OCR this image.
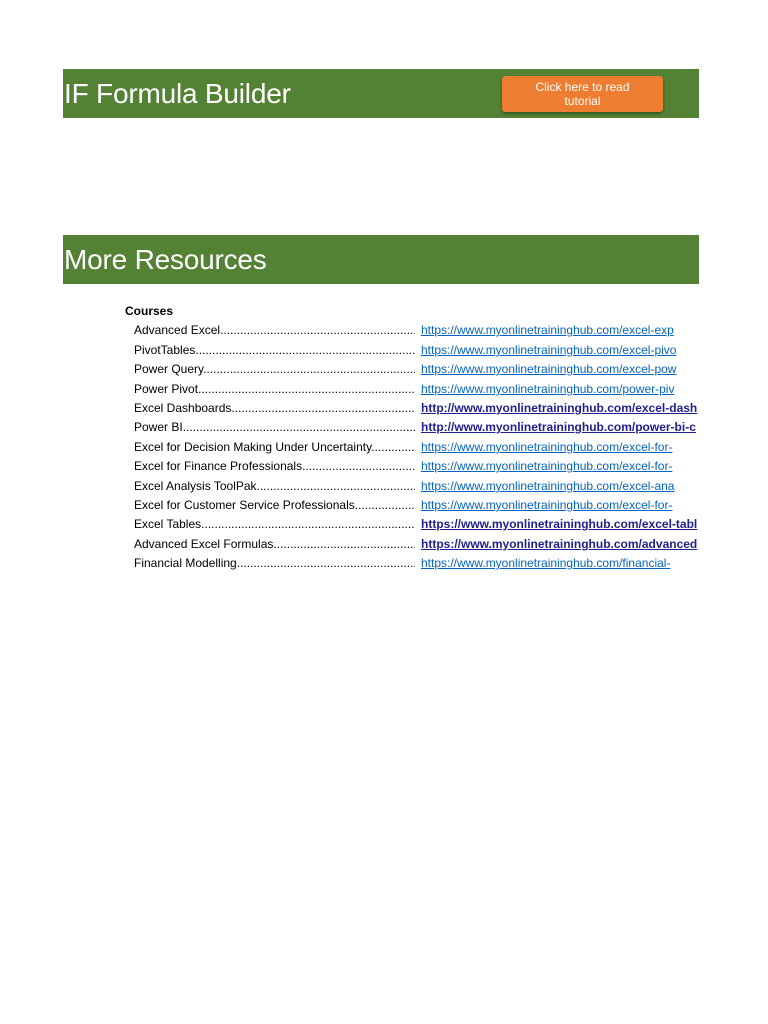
IF Formula Builder	Click here to read tutorial
More Resources
Courses
Advanced Excel .....	https://www.myonlinetraininghub.com/excel-exp
PivotTables .....	https://www.myonlinetraininghub.com/excel-pivo
Power Query .....	https://www.myonlinetraininghub.com/excel-pow
Power Pivot .....	https://www.myonlinetraininghub.com/power-piv
Excel Dashboards .....	http://www.myonlinetraininghub.com/excel-dash
Power BI .....	http://www.myonlinetraininghub.com/power-bi-c
Excel for Decision Making Under Uncertainty .....	https://www.myonlinetraininghub.com/excel-for-
Excel for Finance Professionals .....	https://www.myonlinetraininghub.com/excel-for-
Excel Analysis ToolPak .....	https://www.myonlinetraininghub.com/excel-ana
Excel for Customer Service Professionals .....	https://www.myonlinetraininghub.com/excel-for-
Excel Tables .....	https://www.myonlinetraininghub.com/excel-tabl
Advanced Excel Formulas .....	https://www.myonlinetraininghub.com/advanced
Financial Modelling .....	https://www.myonlinetraininghub.com/financial-
